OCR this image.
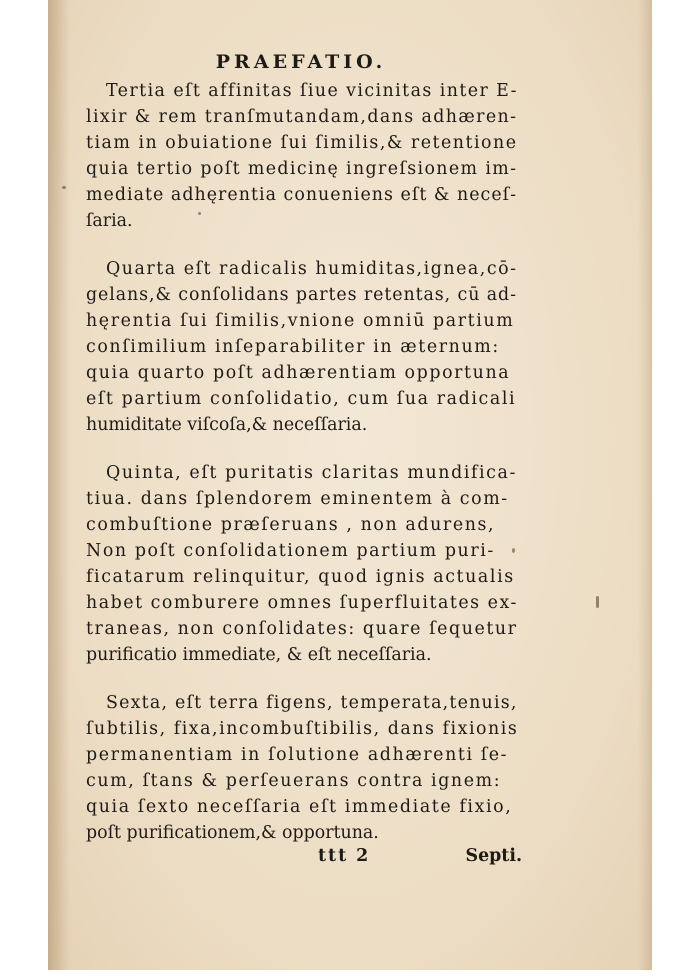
PRAEFATIO.
Tertia eſt affinitas ſiue vicinitas inter E-
lixir & rem tranſmutandam,dans adhæren-
tiam in obuiatione ſui ſimilis,& retentione
quia tertio poſt medicinę ingreſsionem im-
mediate adhęrentia conueniens eſt & neceſ-
ſaria.
Quarta eſt radicalis humiditas,ignea,cō-
gelans,& conſolidans partes retentas, cū ad-
hęrentia ſui ſimilis,vnione omniū partium
conſimilium inſeparabiliter in æternum:
quia quarto poſt adhærentiam opportuna
eſt partium conſolidatio, cum ſua radicali
humiditate viſcoſa,& neceſſaria.
Quinta, eſt puritatis claritas mundifica-
tiua. dans ſplendorem eminentem à com-
combuſtione præſeruans , non adurens,
Non poſt conſolidationem partium puri-
ficatarum relinquitur, quod ignis actualis
habet comburere omnes ſuperfluitates ex-
traneas, non conſolidates: quare ſequetur
purificatio immediate, & eſt neceſſaria.
Sexta, eſt terra figens, temperata,tenuis,
ſubtilis, fixa,incombuſtibilis, dans fixionis
permanentiam in ſolutione adhærenti ſe-
cum, ſtans & perſeuerans contra ignem:
quia ſexto neceſſaria eſt immediate fixio,
poſt purificationem,& opportuna.
ttt 2	Septi.
